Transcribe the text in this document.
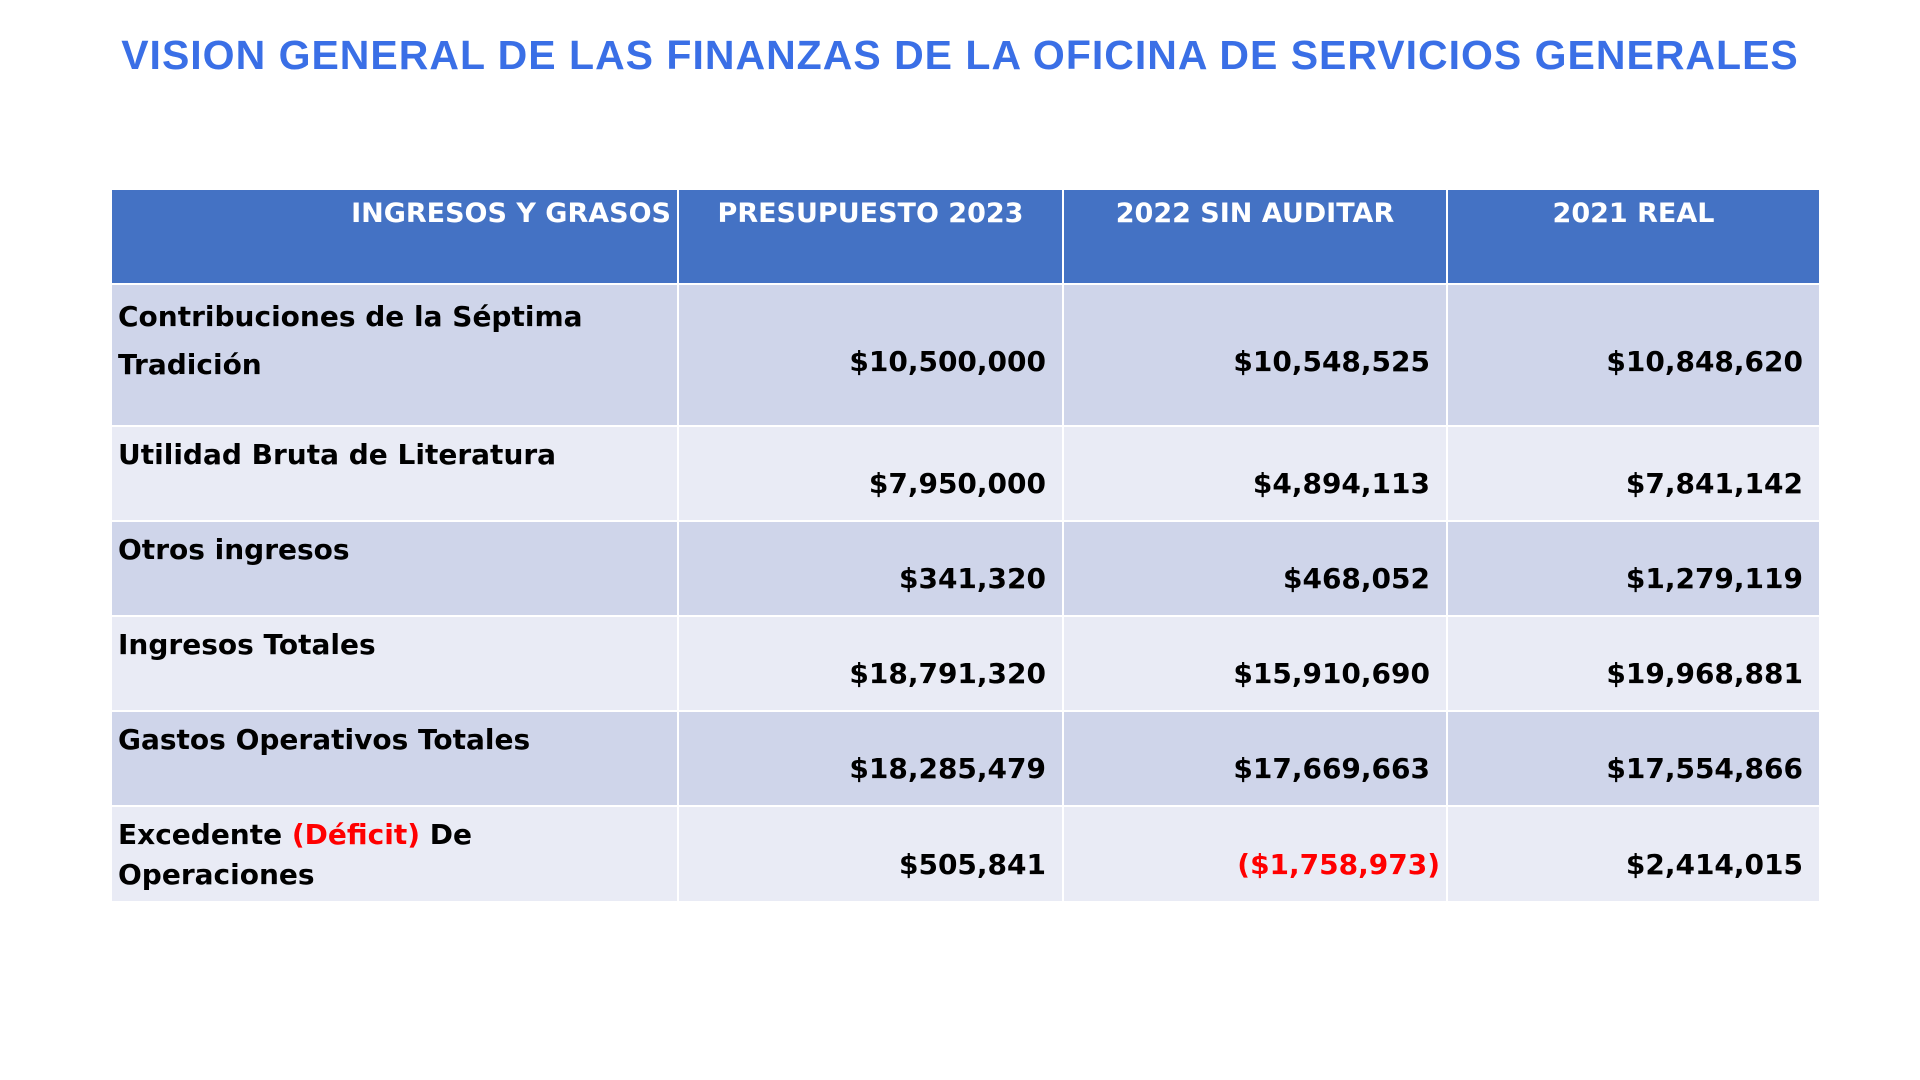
VISION GENERAL DE LAS FINANZAS DE LA OFICINA DE SERVICIOS GENERALES
INGRESOS Y GRASOS	PRESUPUESTO 2023	2022 SIN AUDITAR	2021 REAL
Contribuciones de la Séptima
Tradición	$10,500,000	$10,548,525	$10,848,620
Utilidad Bruta de Literatura	$7,950,000	$4,894,113	$7,841,142
Otros ingresos	$341,320	$468,052	$1,279,119
Ingresos Totales	$18,791,320	$15,910,690	$19,968,881
Gastos Operativos Totales	$18,285,479	$17,669,663	$17,554,866
Excedente (Déficit) De Operaciones	$505,841	($1,758,973)	$2,414,015
